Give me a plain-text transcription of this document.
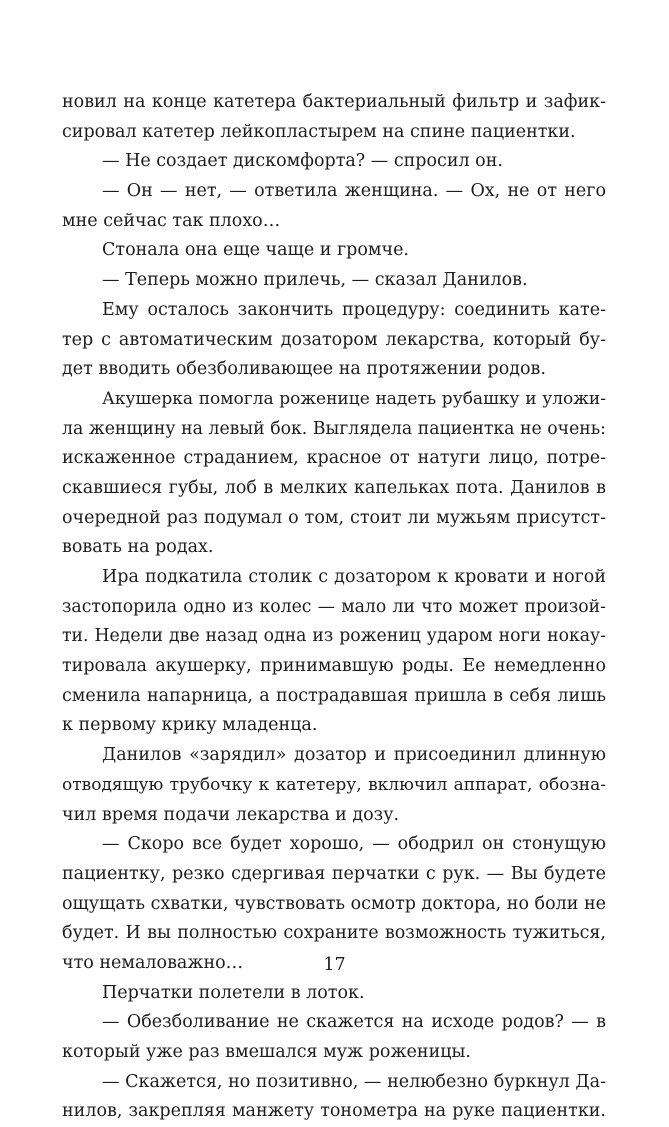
новил на конце катетера бактериальный фильтр и зафик-
сировал катетер лейкопластырем на спине пациентки.
— Не создает дискомфорта? — спросил он.
— Он — нет, — ответила женщина. — Ох, не от него
мне сейчас так плохо…
Стонала она еще чаще и громче.
— Теперь можно прилечь, — сказал Данилов.
Ему осталось закончить процедуру: соединить кате-
тер с автоматическим дозатором лекарства, который бу-
дет вводить обезболивающее на протяжении родов.
Акушерка помогла роженице надеть рубашку и уложи-
ла женщину на левый бок. Выглядела пациентка не очень:
искаженное страданием, красное от натуги лицо, потре-
скавшиеся губы, лоб в мелких капельках пота. Данилов в
очередной раз подумал о том, стоит ли мужьям присутст-
вовать на родах.
Ира подкатила столик с дозатором к кровати и ногой
застопорила одно из колес — мало ли что может произой-
ти. Недели две назад одна из рожениц ударом ноги нокау-
тировала акушерку, принимавшую роды. Ее немедленно
сменила напарница, а пострадавшая пришла в себя лишь
к первому крику младенца.
Данилов «зарядил» дозатор и присоединил длинную
отводящую трубочку к катетеру, включил аппарат, обозна-
чил время подачи лекарства и дозу.
— Скоро все будет хорошо, — ободрил он стонущую
пациентку, резко сдергивая перчатки с рук. — Вы будете
ощущать схватки, чувствовать осмотр доктора, но боли не
будет. И вы полностью сохраните возможность тужиться,
что немаловажно…
Перчатки полетели в лоток.
— Обезболивание не скажется на исходе родов? — в
который уже раз вмешался муж роженицы.
— Скажется, но позитивно, — нелюбезно буркнул Да-
нилов, закрепляя манжету тонометра на руке пациентки.
17
